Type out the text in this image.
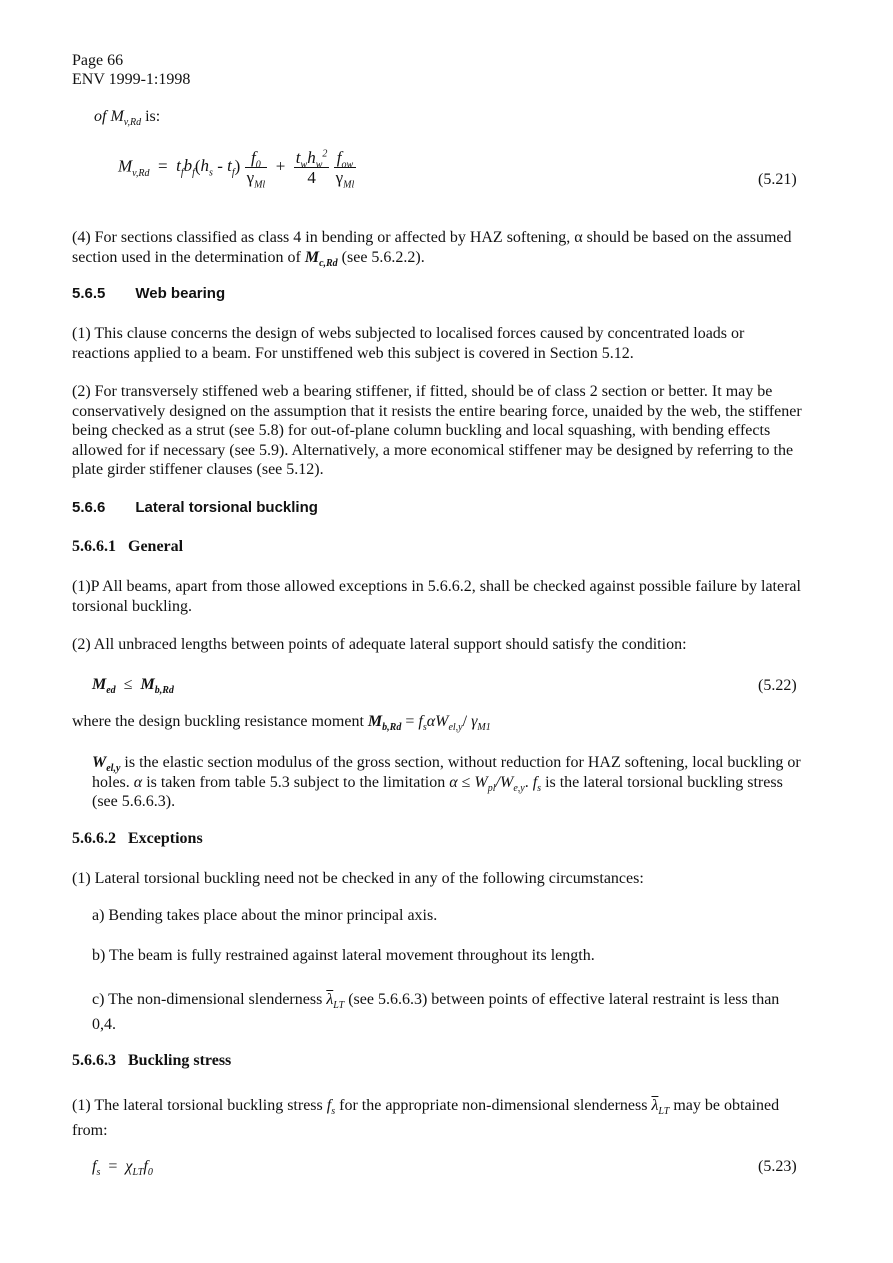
Page 66
ENV 1999-1:1998
of $M_{v,Rd}$ is:
$M_{v,Rd} = t_fb_f(h_s - t_f) \frac{f_0}{\gamma_{Ml}} + \frac{t_wh_w^2}{4}$
$\frac{f_{ow}}{\gamma_{Ml}}$	(5.21)
(4) For sections classified as class 4 in bending or affected by HAZ softening, α should be based on the assumed section used in the determination of $M_{c,Rd}$ (see 5.6.2.2).
5.6.5 Web bearing
(1) This clause concerns the design of webs subjected to localised forces caused by concentrated loads or reactions applied to a beam. For unstiffened web this subject is covered in Section 5.12.
(2) For transversely stiffened web a bearing stiffener, if fitted, should be of class 2 section or better. It may be conservatively designed on the assumption that it resists the entire bearing force, unaided by the web, the stiffener being checked as a strut (see 5.8) for out-of-plane column buckling and local squashing, with bending effects allowed for if necessary (see 5.9). Alternatively, a more economical stiffener may be designed by referring to the plate girder stiffener clauses (see 5.12).
5.6.6 Lateral torsional buckling
5.6.6.1 General
(1)P All beams, apart from those allowed exceptions in 5.6.6.2, shall be checked against possible failure by lateral torsional buckling.
(2) All unbraced lengths between points of adequate lateral support should satisfy the condition:
$M_{ed} \le M_{b,Rd}$	(5.22)
where the design buckling resistance moment $M_{b,Rd} = f_s\alpha W_{el,y}/$ $\gamma_{M1}$
$W_{el,y}$ is the elastic section modulus of the gross section, without reduction for HAZ softening, local buckling or holes. α is taken from table 5.3 subject to the limitation $\alpha \le W_{pl}/W_{e,y}$. $f_s$ is the lateral torsional buckling stress (see 5.6.6.3).
5.6.6.2 Exceptions
(1) Lateral torsional buckling need not be checked in any of the following circumstances:
a) Bending takes place about the minor principal axis.
b) The beam is fully restrained against lateral movement throughout its length.
c) The non-dimensional slenderness $\overline{\lambda}_{LT}$ (see 5.6.6.3) between points of effective lateral restraint is less than 0,4.
5.6.6.3 Buckling stress
(1) The lateral torsional buckling stress $f_s$ for the appropriate non-dimensional slenderness $\overline{\lambda}_{LT}$ may be obtained from:
$f_s = \chi_{LT}f_0$	(5.23)
